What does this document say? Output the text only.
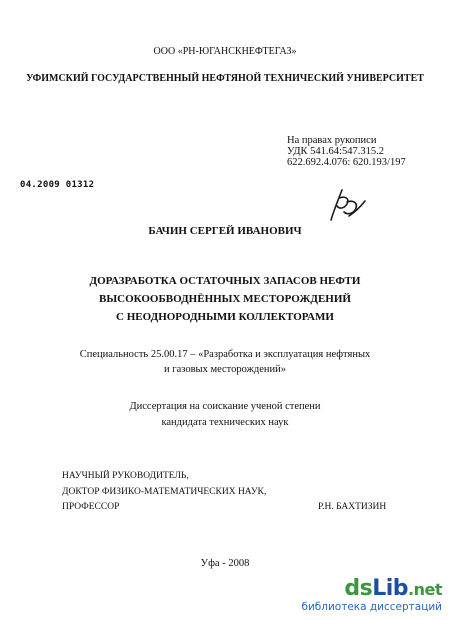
ООО «РН-ЮГАНСКНЕФТЕГАЗ»
УФИМСКИЙ ГОСУДАРСТВЕННЫЙ НЕФТЯНОЙ ТЕХНИЧЕСКИЙ УНИВЕРСИТЕТ
На правах рукописи
УДК 541.64:547.315.2
622.692.4.076: 620.193/197
04.2009 01312
БАЧИН СЕРГЕЙ ИВАНОВИЧ
ДОРАЗРАБОТКА ОСТАТОЧНЫХ ЗАПАСОВ НЕФТИ
ВЫСОКООБВОДНЁННЫХ МЕСТОРОЖДЕНИЙ
С НЕОДНОРОДНЫМИ КОЛЛЕКТОРАМИ
Специальность 25.00.17 – «Разработка и эксплуатация нефтяных
и газовых месторождений»
Диссертация на соискание ученой степени
кандидата технических наук
НАУЧНЫЙ РУКОВОДИТЕЛЬ,
ДОКТОР ФИЗИКО-МАТЕМАТИЧЕСКИХ НАУК,
ПРОФЕССОР	Р.Н. БАХТИЗИН
Уфа - 2008
dsLib.net
библиотека диссертаций
